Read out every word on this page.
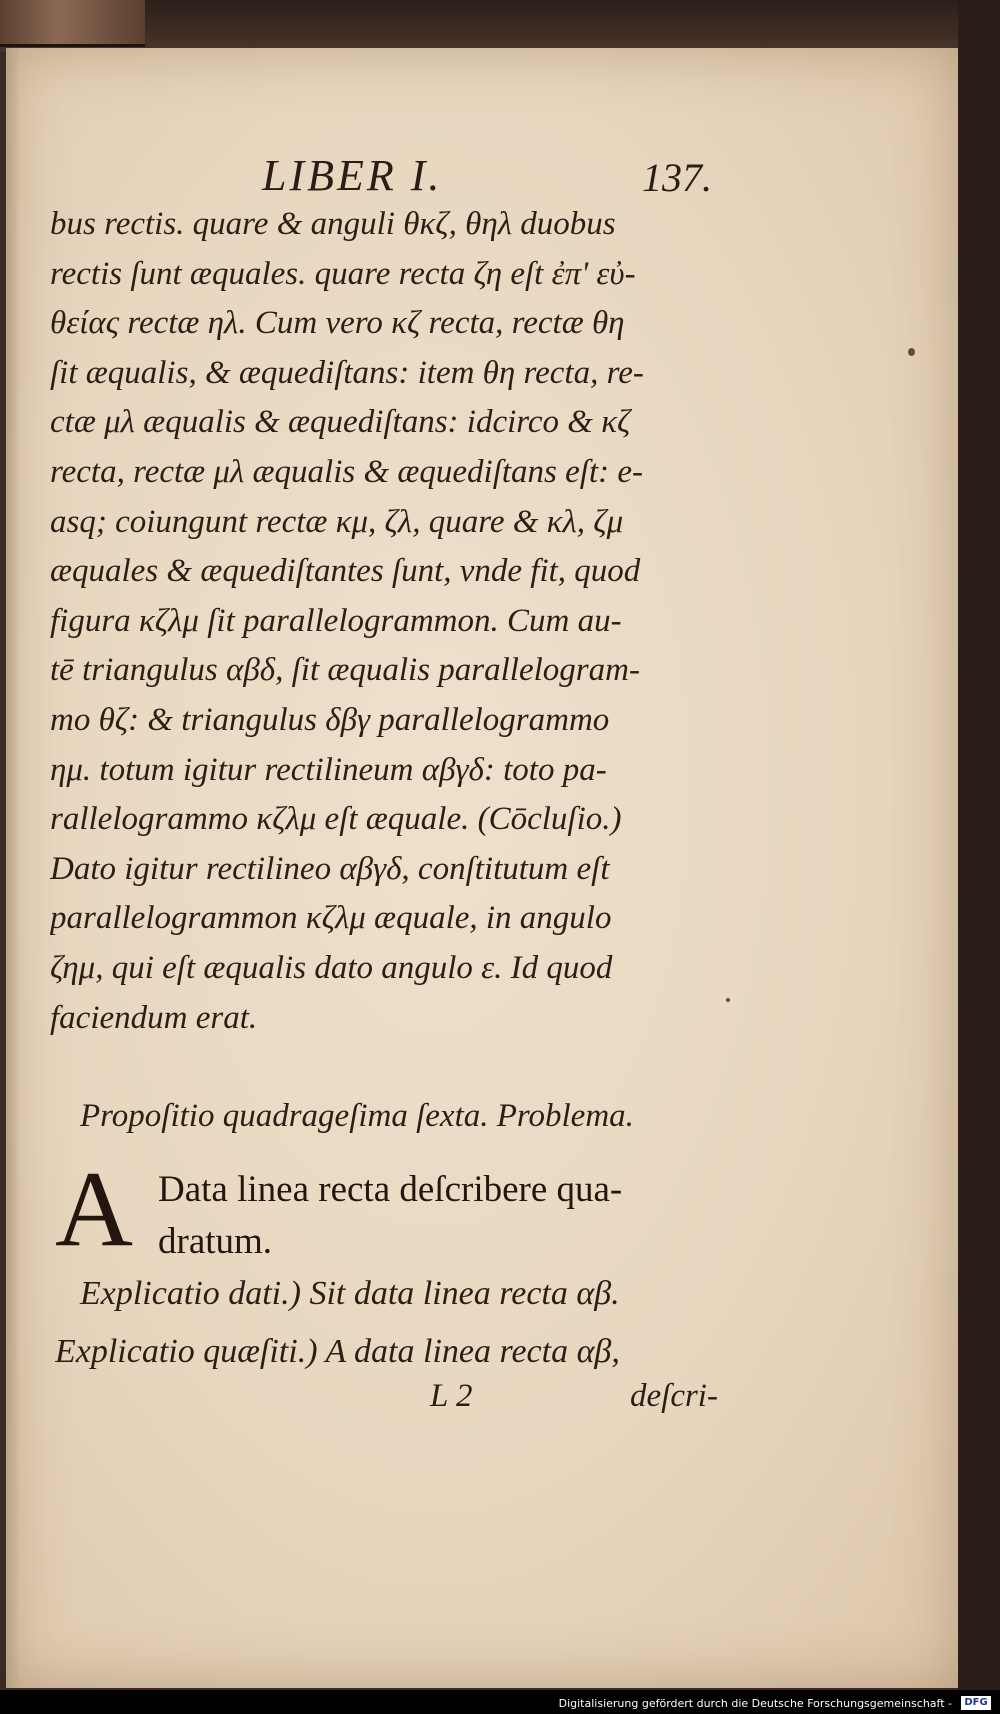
LIBER I.	137.
bus rectis. quare & anguli θκζ, θηλ duobus
rectis ſunt æquales. quare recta ζη eſt ἐπ' εὐ-
θείας rectæ ηλ. Cum vero κζ recta, rectæ θη
ſit æqualis, & æquediſtans: item θη recta, re-
ctæ μλ æqualis & æquediſtans: idcirco & κζ
recta, rectæ μλ æqualis & æquediſtans eſt: e-
asq; coiungunt rectæ κμ, ζλ, quare & κλ, ζμ
æquales & æquediſtantes ſunt, vnde fit, quod
figura κζλμ ſit parallelogrammon. Cum au-
tē triangulus αβδ, ſit æqualis parallelogram-
mo θζ: & triangulus δβγ parallelogrammo
ημ. totum igitur rectilineum αβγδ: toto pa-
rallelogrammo κζλμ eſt æquale. (Cōcluſio.)
Dato igitur rectilineo αβγδ, conſtitutum eſt
parallelogrammon κζλμ æquale, in angulo
ζημ, qui eſt æqualis dato angulo ε. Id quod
faciendum erat.
Propoſitio quadrageſima ſexta. Problema.
A Data linea recta deſcribere qua-
dratum.
Explicatio dati.) Sit data linea recta αβ.
Explicatio quæſiti.) A data linea recta αβ,
L 2	deſcri-
Digitalisierung gefördert durch die Deutsche Forschungsgemeinschaft -	DFG
